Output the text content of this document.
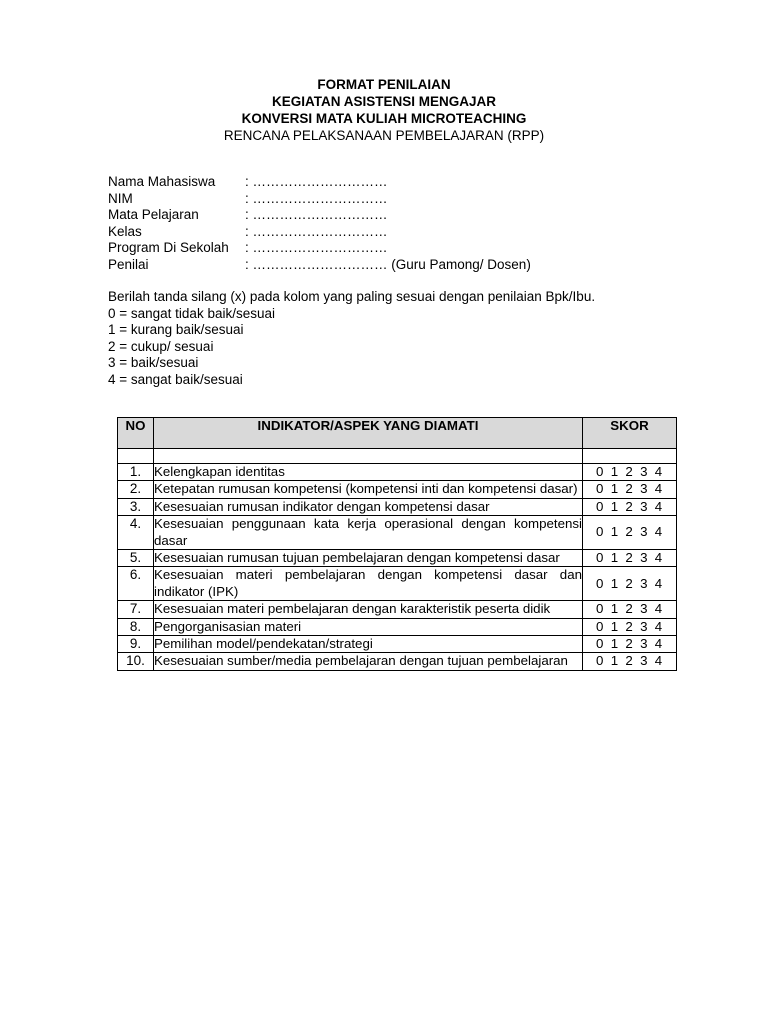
FORMAT PENILAIAN
KEGIATAN ASISTENSI MENGAJAR
KONVERSI MATA KULIAH MICROTEACHING
RENCANA PELAKSANAAN PEMBELAJARAN (RPP)
Nama Mahasiswa	: …………………………
NIM	: …………………………
Mata Pelajaran	: …………………………
Kelas	: …………………………
Program Di Sekolah	: …………………………
Penilai	: ………………………… (Guru Pamong/ Dosen)
Berilah tanda silang (x) pada kolom yang paling sesuai dengan penilaian Bpk/Ibu.
0 = sangat tidak baik/sesuai
1 = kurang baik/sesuai
2 = cukup/ sesuai
3 = baik/sesuai
4 = sangat baik/sesuai
NO	INDIKATOR/ASPEK YANG DIAMATI	SKOR

1.	Kelengkapan identitas	0 1 2 3 4
2.	Ketepatan rumusan kompetensi (kompetensi inti dan kompetensi dasar)	0 1 2 3 4
3.	Kesesuaian rumusan indikator dengan kompetensi dasar	0 1 2 3 4
4.	Kesesuaian penggunaan kata kerja operasional dengan kompetensi dasar	0 1 2 3 4
5.	Kesesuaian rumusan tujuan pembelajaran dengan kompetensi dasar	0 1 2 3 4
6.	Kesesuaian materi pembelajaran dengan kompetensi dasar dan indikator (IPK)	0 1 2 3 4
7.	Kesesuaian materi pembelajaran dengan karakteristik peserta didik	0 1 2 3 4
8.	Pengorganisasian materi	0 1 2 3 4
9.	Pemilihan model/pendekatan/strategi	0 1 2 3 4
10.	Kesesuaian sumber/media pembelajaran dengan tujuan pembelajaran	0 1 2 3 4
